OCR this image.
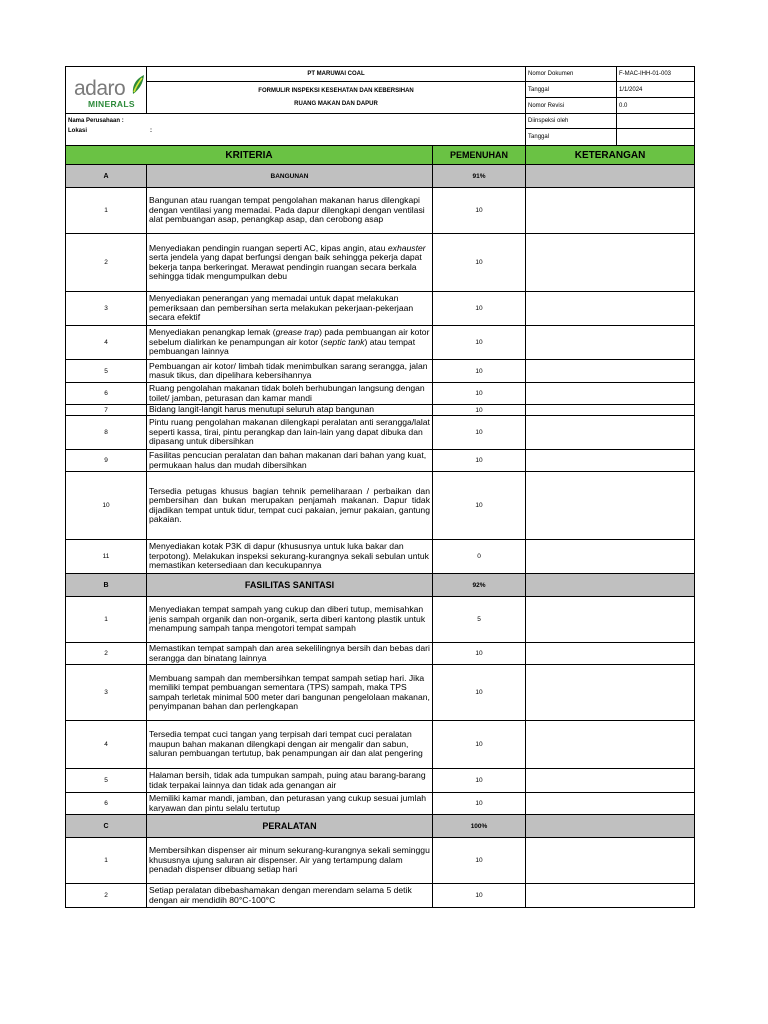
adaro
MINERALS	PT MARUWAI COAL		Nomor Dokumen	F-MAC-IHH-01-003
	FORMULIR INSPEKSI KESEHATAN DAN KEBERSIHAN
RUANG MAKAN DAN DAPUR		Tanggal	1/1/2024
			Nomor Revisi	0.0

Nama Perusahaan :
Lokasi :			Diinspeksi oleh	
			Tanggal	
KRITERIA		PEMENUHAN	KETERANGAN	
A	BANGUNAN	91%		
1	Bangunan atau ruangan tempat pengolahan makanan harus dilengkapi dengan ventilasi yang memadai. Pada dapur dilengkapi dengan ventilasi alat pembuangan asap, penangkap asap, dan cerobong asap	10		
2	Menyediakan pendingin ruangan seperti AC, kipas angin, atau exhauster serta jendela yang dapat berfungsi dengan baik sehingga pekerja dapat bekerja tanpa berkeringat. Merawat pendingin ruangan secara berkala sehingga tidak mengumpulkan debu	10		
3	Menyediakan penerangan yang memadai untuk dapat melakukan pemeriksaan dan pembersihan serta melakukan pekerjaan-pekerjaan secara efektif	10		
4	Menyediakan penangkap lemak (grease trap) pada pembuangan air kotor sebelum dialirkan ke penampungan air kotor (septic tank) atau tempat pembuangan lainnya	10		
5	Pembuangan air kotor/ limbah tidak menimbulkan sarang serangga, jalan masuk tikus, dan dipelihara kebersihannya	10		
6	Ruang pengolahan makanan tidak boleh berhubungan langsung dengan toilet/ jamban, peturasan dan kamar mandi	10		
7	Bidang langit-langit harus menutupi seluruh atap bangunan	10		
8	Pintu ruang pengolahan makanan dilengkapi peralatan anti serangga/lalat seperti kassa, tirai, pintu perangkap dan lain-lain yang dapat dibuka dan dipasang untuk dibersihkan	10		
9	Fasilitas pencucian peralatan dan bahan makanan dari bahan yang kuat, permukaan halus dan mudah dibersihkan	10		
10	Tersedia petugas khusus bagian tehnik pemeliharaan / perbaikan dan pembersihan dan bukan merupakan penjamah makanan. Dapur tidak dijadikan tempat untuk tidur, tempat cuci pakaian, jemur pakaian, gantung pakaian.	10		
11	Menyediakan kotak P3K di dapur (khususnya untuk luka bakar dan terpotong). Melakukan inspeksi sekurang-kurangnya sekali sebulan untuk memastikan ketersediaan dan kecukupannya	0		
B	FASILITAS SANITASI	92%		
1	Menyediakan tempat sampah yang cukup dan diberi tutup, memisahkan jenis sampah organik dan non-organik, serta diberi kantong plastik untuk menampung sampah tanpa mengotori tempat sampah	5		
2	Memastikan tempat sampah dan area sekelilingnya bersih dan bebas dari serangga dan binatang lainnya	10		
3	Membuang sampah dan membersihkan tempat sampah setiap hari. Jika memiliki tempat pembuangan sementara (TPS) sampah, maka TPS sampah terletak minimal 500 meter dari bangunan pengelolaan makanan, penyimpanan bahan dan perlengkapan	10		
4	Tersedia tempat cuci tangan yang terpisah dari tempat cuci peralatan maupun bahan makanan dilengkapi dengan air mengalir dan sabun, saluran pembuangan tertutup, bak penampungan air dan alat pengering	10		
5	Halaman bersih, tidak ada tumpukan sampah, puing atau barang-barang tidak terpakai lainnya dan tidak ada genangan air	10		
6	Memiliki kamar mandi, jamban, dan peturasan yang cukup sesuai jumlah karyawan dan pintu selalu tertutup	10		
C	PERALATAN	100%		
1	Membersihkan dispenser air minum sekurang-kurangnya sekali seminggu khususnya ujung saluran air dispenser. Air yang tertampung dalam penadah dispenser dibuang setiap hari	10		
2	Setiap peralatan dibebashamakan dengan merendam selama 5 detik dengan air mendidih 80°C-100°C	10		
